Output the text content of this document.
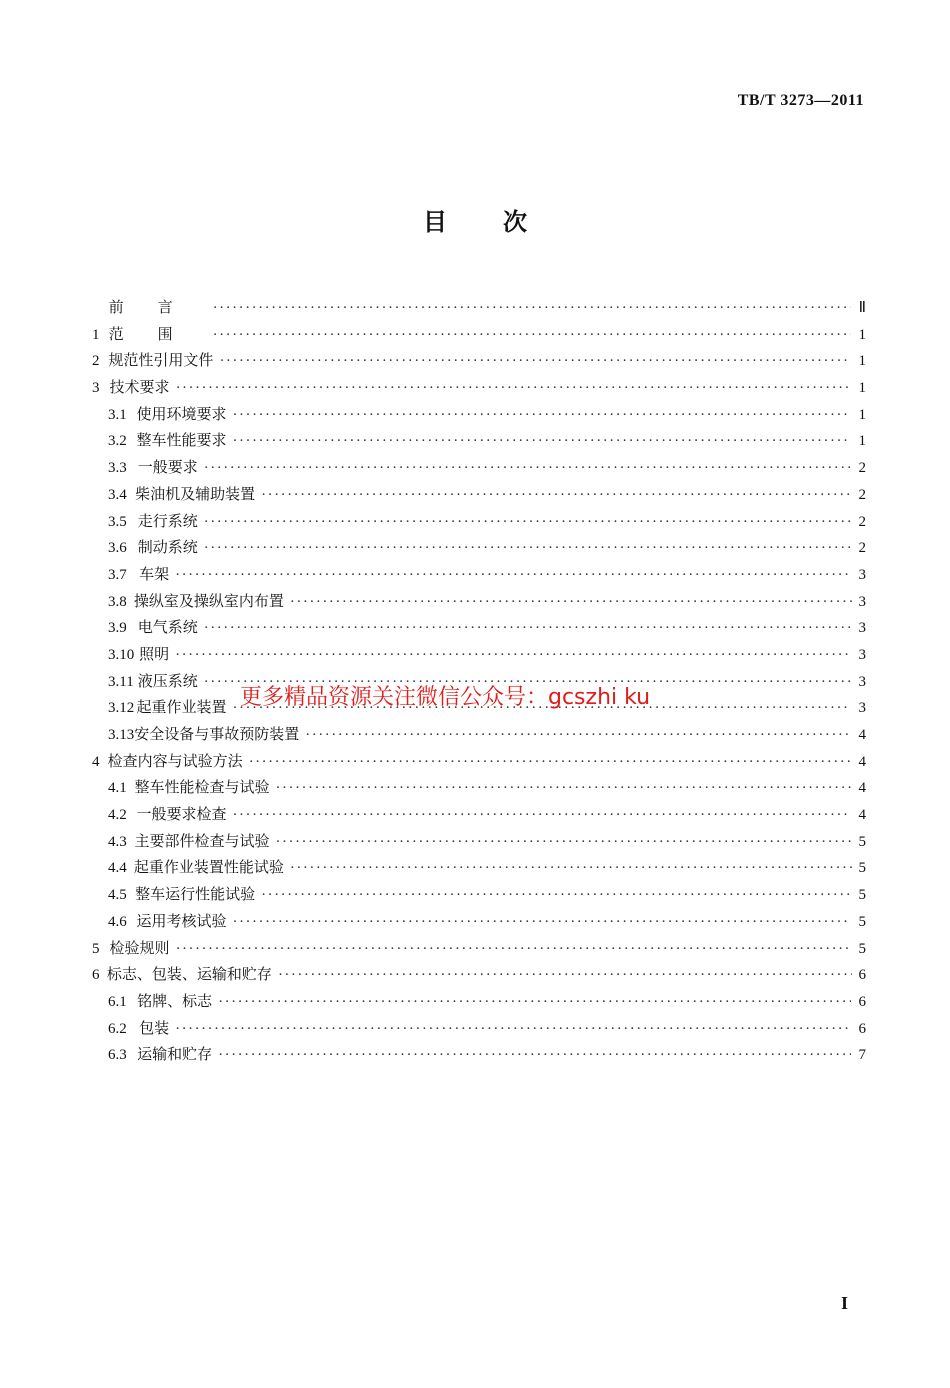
TB/T 3273—2011
目 次
前言 ·····	Ⅱ
1 范围 ·····	1
2 规范性引用文件 ·····	1
3 技术要求 ·····	1
3.1 使用环境要求 ·····	1
3.2 整车性能要求 ·····	1
3.3 一般要求 ·····	2
3.4 柴油机及辅助装置 ·····	2
3.5 走行系统 ·····	2
3.6 制动系统 ·····	2
3.7 车架 ·····	3
3.8 操纵室及操纵室内布置 ·····	3
3.9 电气系统 ·····	3
3.10 照明 ·····	3
3.11 液压系统 ·····	3
3.12 起重作业装置 ·····	3
3.13 安全设备与事故预防装置 ·····	4
4 检查内容与试验方法 ·····	4
4.1 整车性能检查与试验 ·····	4
4.2 一般要求检查 ·····	4
4.3 主要部件检查与试验 ·····	5
4.4 起重作业装置性能试验 ·····	5
4.5 整车运行性能试验 ·····	5
4.6 运用考核试验 ·····	5
5 检验规则 ·····	5
6 标志、包装、运输和贮存 ·····	6
6.1 铭牌、标志 ·····	6
6.2 包装 ·····	6
6.3 运输和贮存 ·····	7
更多精品资源关注微信公众号：gcszhi ku
I
